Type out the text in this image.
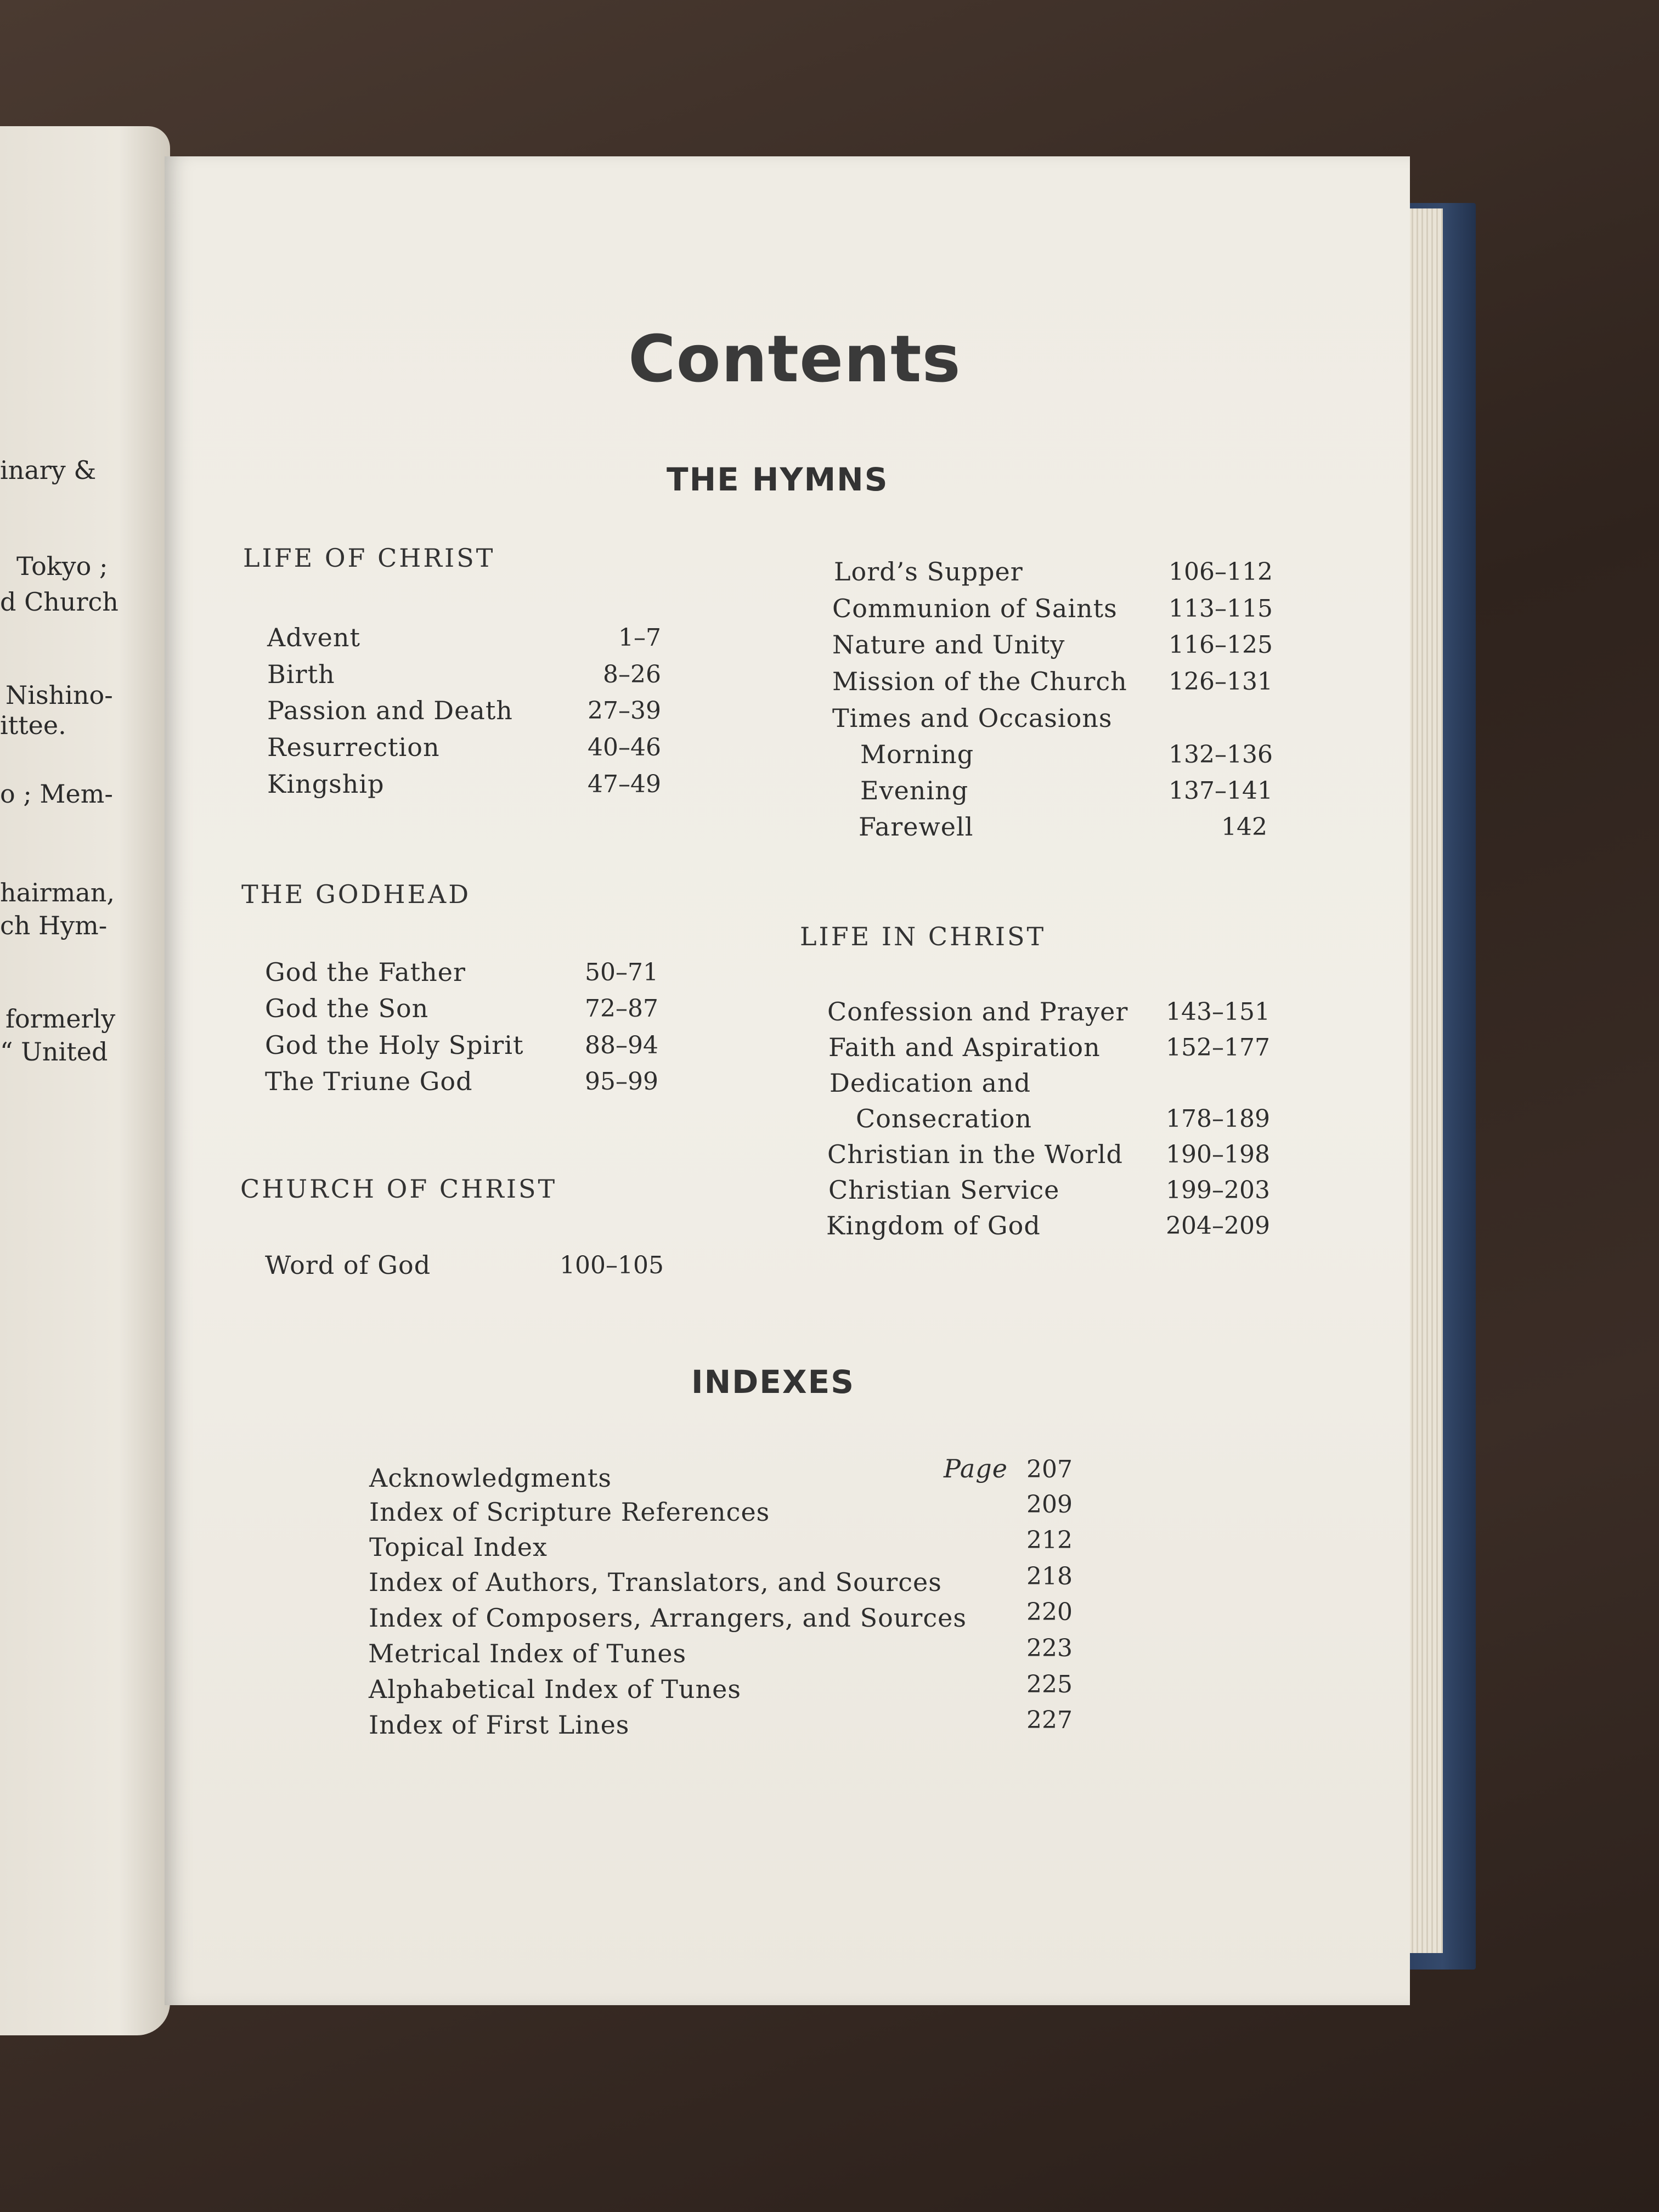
inary &
Tokyo ;
d Church
Nishino-
ittee.
o ; Mem-
hairman,
ch Hym-
formerly
“ United
Contents
THE HYMNS
LIFE OF CHRIST
Advent	1–7
Birth	8–26
Passion and Death	27–39
Resurrection	40–46
Kingship	47–49
THE GODHEAD
God the Father	50–71
God the Son	72–87
God the Holy Spirit	88–94
The Triune God	95–99
CHURCH OF CHRIST
Word of God	100–105
Lord’s Supper	106–112
Communion of Saints 113–115
Nature and Unity	116–125
Mission of the Church 126–131
Times and Occasions
Morning	132–136
Evening	137–141
Farewell	142
LIFE IN CHRIST
Confession and Prayer 143–151
Faith and Aspiration	152–177
Dedication and
Consecration	178–189
Christian in the World 190–198
Christian Service	199–203
Kingdom of God	204–209
INDEXES
Page
Acknowledgments	207
Index of Scripture References	209
Topical Index	212
Index of Authors, Translators, and Sources	218
Index of Composers, Arrangers, and Sources	220
Metrical Index of Tunes	223
Alphabetical Index of Tunes	225
Index of First Lines	227
